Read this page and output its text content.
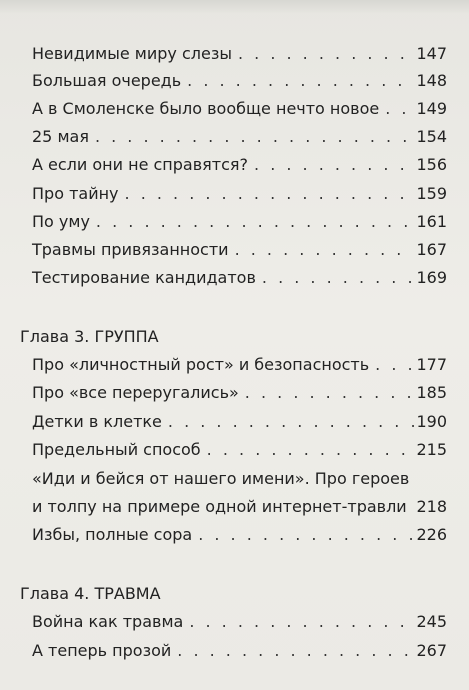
Невидимые миру слезы . . .	147
Большая очередь . . .	148
А в Смоленске было вообще нечто новое . . . 149
25 мая . . .	154
А если они не справятся? . . .	156
Про тайну . . .	159
По уму . . .	161
Травмы привязанности . . .	167
Тестирование кандидатов . . .	169
Глава 3. ГРУППА
Про «личностный рост» и безопасность . . .	177
Про «все переругались» . . .	185
Детки в клетке . . .	190
Предельный способ . . .	215
«Иди и бейся от нашего имени». Про героев
и толпу на примере одной интернет-травли . . . 218
Избы, полные сора . . .	226
Глава 4. ТРАВМА
Война как травма . . .	245
А теперь прозой . . .	267
